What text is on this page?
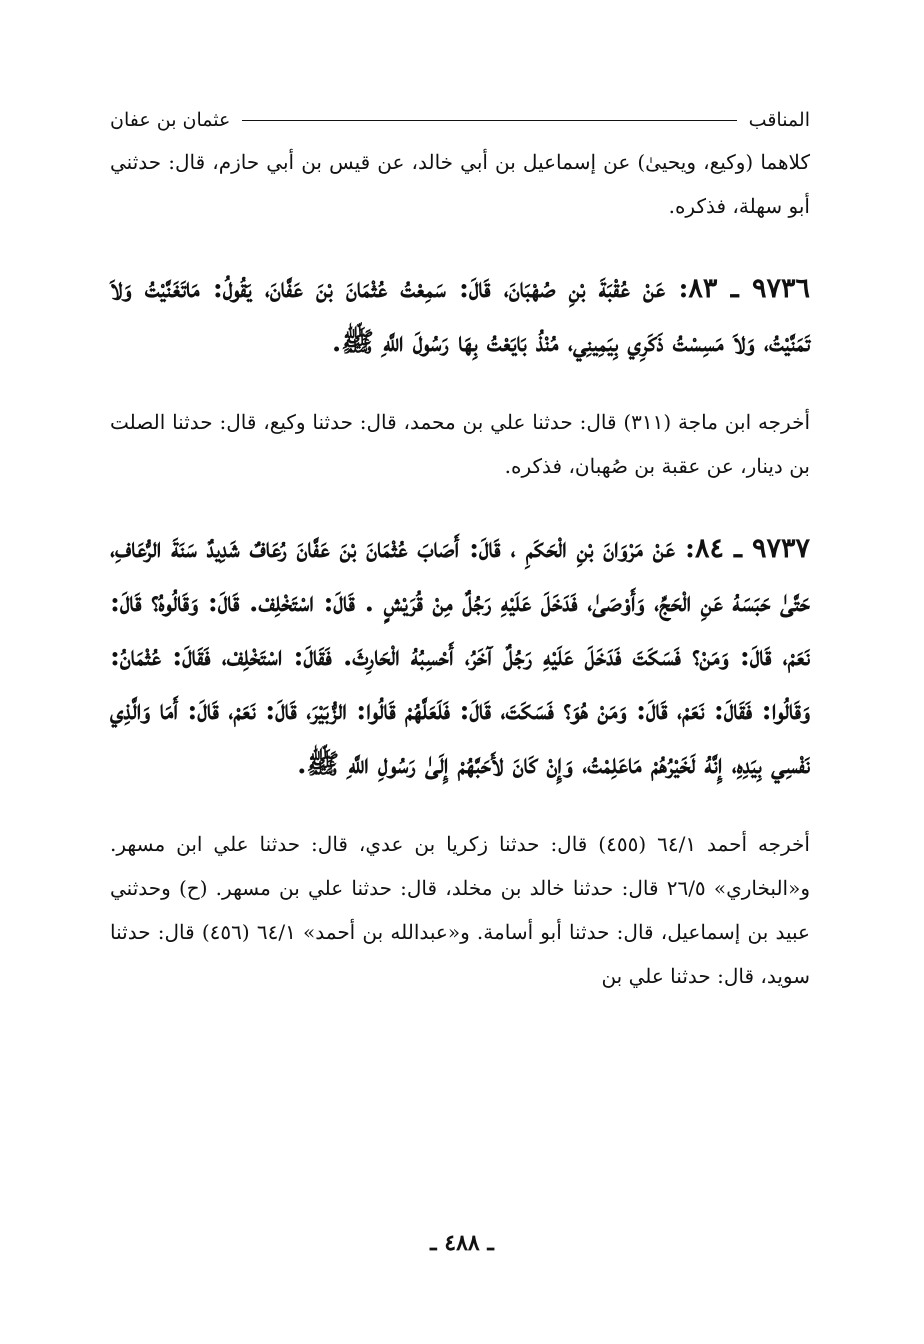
المناقب
عثمان بن عفان
كلاهما (وكيع، ويحيىٰ) عن إسماعيل بن أبي خالد، عن قيس بن أبي حازم، قال: حدثني أبو سهلة، فذكره.
٩٧٣٦ ـ ٨٣: عَنْ عُقْبَةَ بْنِ صُهْبَانَ، قَالَ: سَمِعْتُ عُثْمَانَ بْنَ عَفَّانَ، يَقُولُ: مَاتَغَنَّيْتُ وَلاَ تَمَنَّيْتُ، وَلاَ مَسِسْتُ ذَكَرِي بِيَمِينِي، مُنْذُ بَايَعْتُ بِهَا رَسُولَ اللَّهِ ﷺ.
أخرجه ابن ماجة (٣١١) قال: حدثنا علي بن محمد، قال: حدثنا وكيع، قال: حدثنا الصلت بن دينار، عن عقبة بن صُهبان، فذكره.
٩٧٣٧ ـ ٨٤: عَنْ مَرْوَانَ بْنِ الْحَكَمِ ، قَالَ: أَصَابَ عُثْمَانَ بْنَ عَفَّانَ رُعَافٌ شَدِيدٌ سَنَةَ الرُّعَافِ، حَتَّىٰ حَبَسَهُ عَنِ الْحَجِّ، وَأَوْصَىٰ، فَدَخَلَ عَلَيْهِ رَجُلٌ مِنْ قُرَيْشٍ . قَالَ: اسْتَخْلِفْ. قَالَ: وَقَالُوهُ؟ قَالَ: نَعَمْ، قَالَ: وَمَنْ؟ فَسَكَتَ فَدَخَلَ عَلَيْهِ رَجُلٌ آخَرُ، أَحْسِبُهُ الْحَارِثَ. فَقَالَ: اسْتَخْلِفْ، فَقَالَ: عُثْمَانُ: وَقَالُوا: فَقَالَ: نَعَمْ، قَالَ: وَمَنْ هُوَ؟ فَسَكَتَ، قَالَ: فَلَعَلَّهُمْ قَالُوا: الزُّبَيْرَ، قَالَ: نَعَمْ، قَالَ: أَمَا وَالَّذِي نَفْسِي بِيَدِهِ، إِنَّهُ لَخَيْرُهُمْ مَاعَلِمْتُ، وَإِنْ كَانَ لأَحَبَّهُمْ إِلَىٰ رَسُولِ اللَّهِ ﷺ.
أخرجه أحمد ٦٤/١ (٤٥٥) قال: حدثنا زكريا بن عدي، قال: حدثنا علي ابن مسهر. و«البخاري» ٢٦/٥ قال: حدثنا خالد بن مخلد، قال: حدثنا علي بن مسهر. (ح) وحدثني عبيد بن إسماعيل، قال: حدثنا أبو أسامة. و«عبدالله بن أحمد» ٦٤/١ (٤٥٦) قال: حدثنا سويد، قال: حدثنا علي بن
ـ ٤٨٨ ـ
